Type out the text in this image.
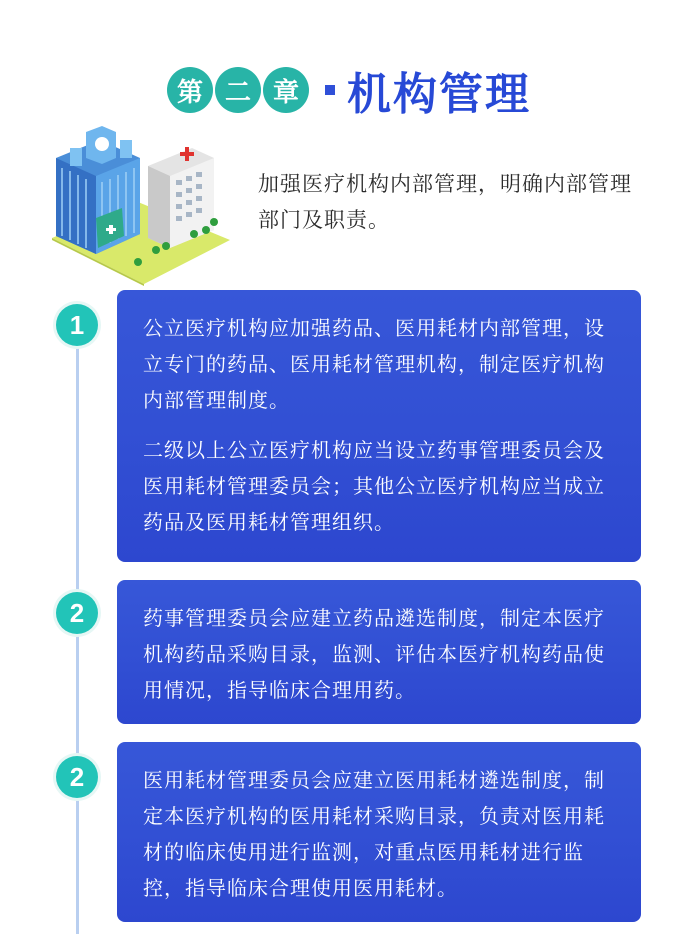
第 二 章 机构管理
加强医疗机构内部管理，明确内部管理部门及职责。
1	公立医疗机构应加强药品、医用耗材内部管理，设立专门的药品、医用耗材管理机构，制定医疗机构内部管理制度。

二级以上公立医疗机构应当设立药事管理委员会及医用耗材管理委员会；其他公立医疗机构应当成立药品及医用耗材管理组织。

2	药事管理委员会应建立药品遴选制度，制定本医疗机构药品采购目录，监测、评估本医疗机构药品使用情况，指导临床合理用药。

2	医用耗材管理委员会应建立医用耗材遴选制度，制定本医疗机构的医用耗材采购目录，负责对医用耗材的临床使用进行监测，对重点医用耗材进行监控，指导临床合理使用医用耗材。
